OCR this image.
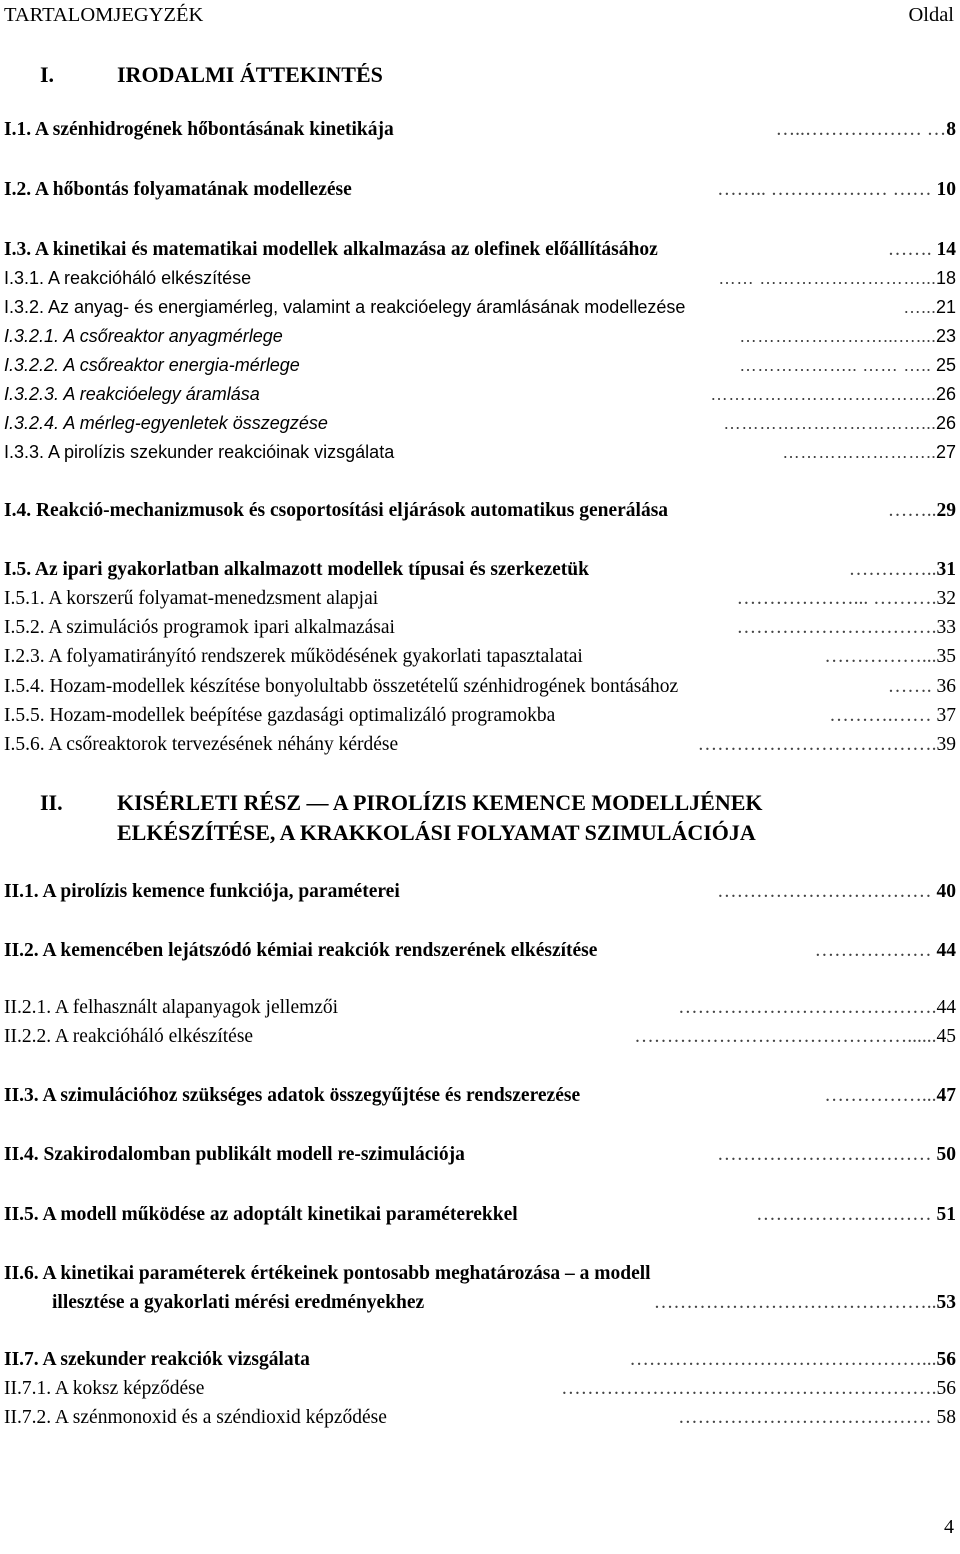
TARTALOMJEGYZÉK	Oldal
I.	IRODALMI ÁTTEKINTÉS
I.1. A szénhidrogének hőbontásának kinetikája	…..……………… …8
I.2. A hőbontás folyamatának modellezése	…….. ……………… …… 10
I.3. A kinetikai és matematikai modellek alkalmazása az olefinek előállításához	……. 14
I.3.1. A reakcióháló elkészítése	…… ………………………...18
I.3.2. Az anyag- és energiamérleg, valamint a reakcióelegy áramlásának modellezése	…...21
I.3.2.1. A csőreaktor anyagmérlege	……………………...…....23
I.3.2.2. A csőreaktor energia-mérlege	……………….. …… ….. 25
I.3.2.3. A reakcióelegy áramlása	………………………………..26
I.3.2.4. A mérleg-egyenletek összegzése	……………………………...26
I.3.3. A pirolízis szekunder reakcióinak vizsgálata	……………………..27
I.4. Reakció-mechanizmusok és csoportosítási eljárások automatikus generálása	……..29
I.5. Az ipari gyakorlatban alkalmazott modellek típusai és szerkezetük	…………..31
I.5.1. A korszerű folyamat-menedzsment alapjai	………………... ……….32
I.5.2. A szimulációs programok ipari alkalmazásai	………………………….33
I.2.3. A folyamatirányító rendszerek működésének gyakorlati tapasztalatai	……………...35
I.5.4. Hozam-modellek készítése bonyolultabb összetételű szénhidrogének bontásához	……. 36
I.5.5. Hozam-modellek beépítése gazdasági optimalizáló programokba	……….…… 37
I.5.6. A csőreaktorok tervezésének néhány kérdése	……………………………….39
II. KISÉRLETI RÉSZ — A PIROLÍZIS KEMENCE MODELLJÉNEK
ELKÉSZÍTÉSE, A KRAKKOLÁSI FOLYAMAT SZIMULÁCIÓJA
II.1. A pirolízis kemence funkciója, paraméterei	…………………………… 40
II.2. A kemencében lejátszódó kémiai reakciók rendszerének elkészítése	……………… 44
II.2.1. A felhasznált alapanyagok jellemzői	………………………………….44
II.2.2. A reakcióháló elkészítése	……………………………………......45
II.3. A szimulációhoz szükséges adatok összegyűjtése és rendszerezése	……………...47
II.4. Szakirodalomban publikált modell re-szimulációja	…………………………… 50
II.5. A modell működése az adoptált kinetikai paraméterekkel	……………………… 51
II.6. A kinetikai paraméterek értékeinek pontosabb meghatározása – a modell
illesztése a gyakorlati mérési eredményekhez	……………………………………..53
II.7. A szekunder reakciók vizsgálata	………………………………………...56
II.7.1. A koksz képződése	………………………………………………….56
II.7.2. A szénmonoxid és a széndioxid képződése	………………………………… 58
4
